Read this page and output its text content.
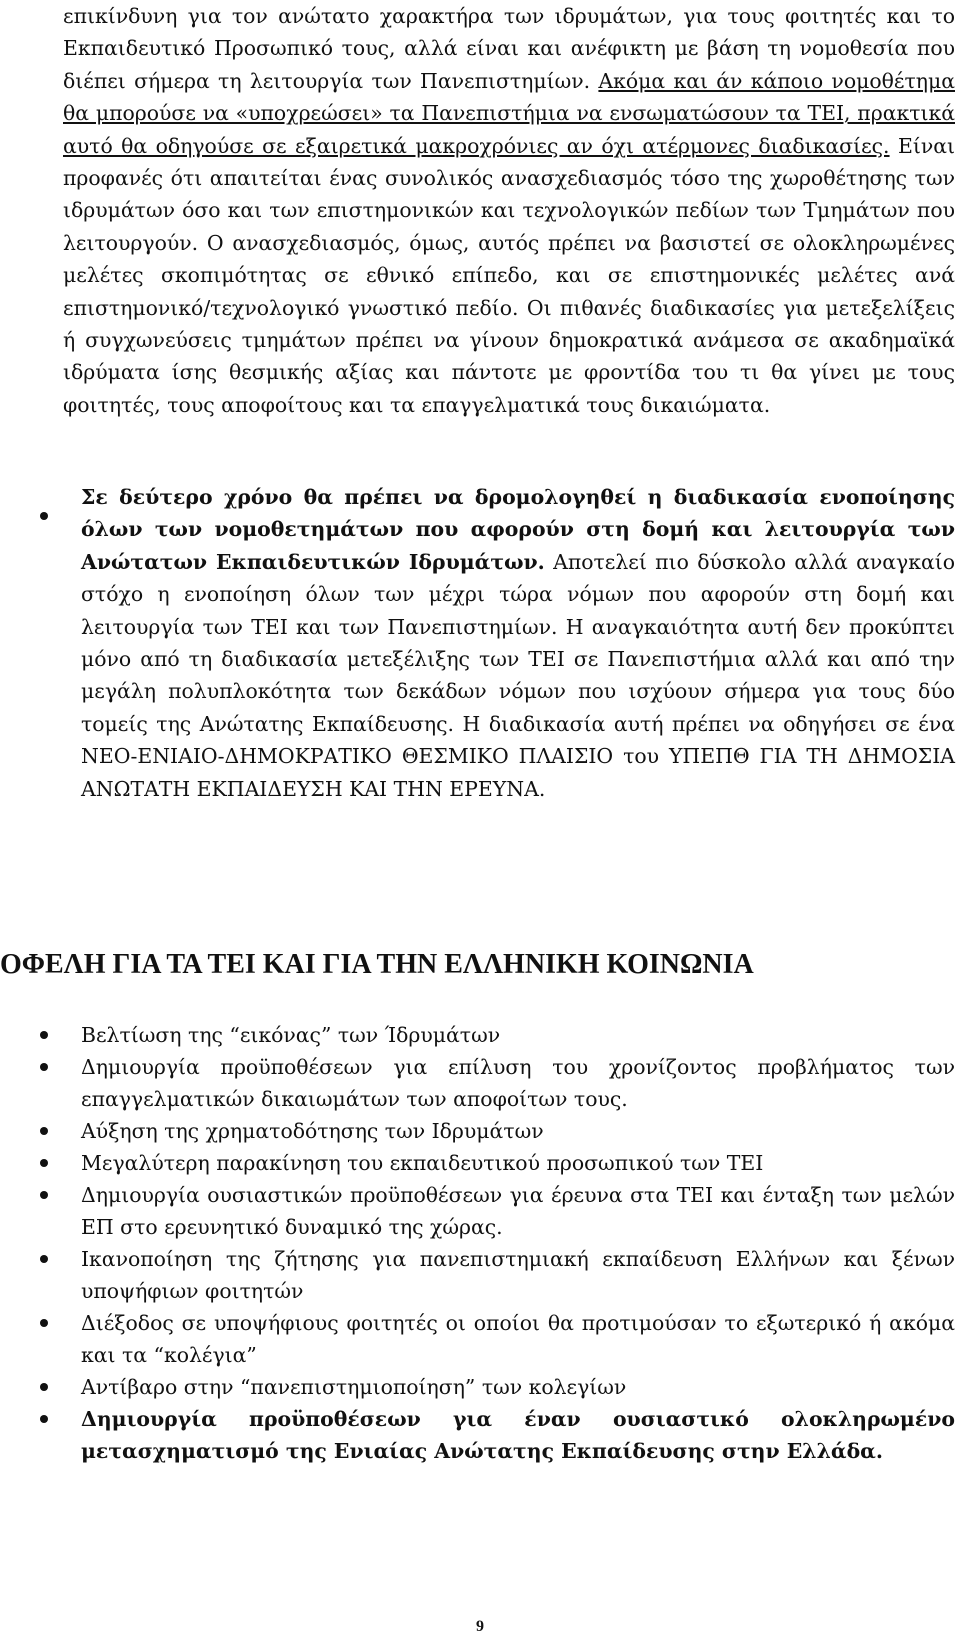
επικίνδυνη για τον ανώτατο χαρακτήρα των ιδρυμάτων, για τους φοιτητές και το Εκπαιδευτικό Προσωπικό τους, αλλά είναι και ανέφικτη με βάση τη νομοθεσία που διέπει σήμερα τη λειτουργία των Πανεπιστημίων. Ακόμα και άν κάποιο νομοθέτημα θα μπορούσε να «υποχρεώσει» τα Πανεπιστήμια να ενσωματώσουν τα ΤΕΙ, πρακτικά αυτό θα οδηγούσε σε εξαιρετικά μακροχρόνιες αν όχι ατέρμονες διαδικασίες. Είναι προφανές ότι απαιτείται ένας συνολικός ανασχεδιασμός τόσο της χωροθέτησης των ιδρυμάτων όσο και των επιστημονικών και τεχνολογικών πεδίων των Τμημάτων που λειτουργούν. Ο ανασχεδιασμός, όμως, αυτός πρέπει να βασιστεί σε ολοκληρωμένες μελέτες σκοπιμότητας σε εθνικό επίπεδο, και σε επιστημονικές μελέτες ανά επιστημονικό/τεχνολογικό γνωστικό πεδίο. Οι πιθανές διαδικασίες για μετεξελίξεις ή συγχωνεύσεις τμημάτων πρέπει να γίνουν δημοκρατικά ανάμεσα σε ακαδημαϊκά ιδρύματα ίσης θεσμικής αξίας και πάντοτε με φροντίδα του τι θα γίνει με τους φοιτητές, τους αποφοίτους και τα επαγγελματικά τους δικαιώματα.

Σε δεύτερο χρόνο θα πρέπει να δρομολογηθεί η διαδικασία ενοποίησης όλων των νομοθετημάτων που αφορούν στη δομή και λειτουργία των Ανώτατων Εκπαιδευτικών Ιδρυμάτων. Αποτελεί πιο δύσκολο αλλά αναγκαίο στόχο η ενοποίηση όλων των μέχρι τώρα νόμων που αφορούν στη δομή και λειτουργία των ΤΕΙ και των Πανεπιστημίων. Η αναγκαιότητα αυτή δεν προκύπτει μόνο από τη διαδικασία μετεξέλιξης των ΤΕΙ σε Πανεπιστήμια αλλά και από την μεγάλη πολυπλοκότητα των δεκάδων νόμων που ισχύουν σήμερα για τους δύο τομείς της Ανώτατης Εκπαίδευσης. Η διαδικασία αυτή πρέπει να οδηγήσει σε ένα ΝΕΟ-ΕΝΙΑΙΟ-ΔΗΜΟΚΡΑΤΙΚΟ ΘΕΣΜΙΚΟ ΠΛΑΙΣΙΟ του ΥΠΕΠΘ ΓΙΑ ΤΗ ΔΗΜΟΣΙΑ ΑΝΩΤΑΤΗ ΕΚΠΑΙΔΕΥΣΗ ΚΑΙ ΤΗΝ ΕΡΕΥΝΑ.

ΟΦΕΛΗ ΓΙΑ ΤΑ ΤΕΙ ΚΑΙ ΓΙΑ ΤΗΝ ΕΛΛΗΝΙΚΗ ΚΟΙΝΩΝΙΑ

Βελτίωση της “εικόνας” των Ίδρυμάτων

Δημιουργία προϋποθέσεων για επίλυση του χρονίζοντος προβλήματος των επαγγελματικών δικαιωμάτων των αποφοίτων τους.

Αύξηση της χρηματοδότησης των Ιδρυμάτων

Μεγαλύτερη παρακίνηση του εκπαιδευτικού προσωπικού των ΤΕΙ

Δημιουργία ουσιαστικών προϋποθέσεων για έρευνα στα ΤΕΙ και ένταξη των μελών ΕΠ στο ερευνητικό δυναμικό της χώρας.

Ικανοποίηση της ζήτησης για πανεπιστημιακή εκπαίδευση Ελλήνων και ξένων υποψήφιων φοιτητών

Διέξοδος σε υποψήφιους φοιτητές οι οποίοι θα προτιμούσαν το εξωτερικό ή ακόμα και τα “κολέγια”

Αντίβαρο στην “πανεπιστημιοποίηση” των κολεγίων

Δημιουργία προϋποθέσεων για έναν ουσιαστικό ολοκληρωμένο μετασχηματισμό της Ενιαίας Ανώτατης Εκπαίδευσης στην Ελλάδα.

9
